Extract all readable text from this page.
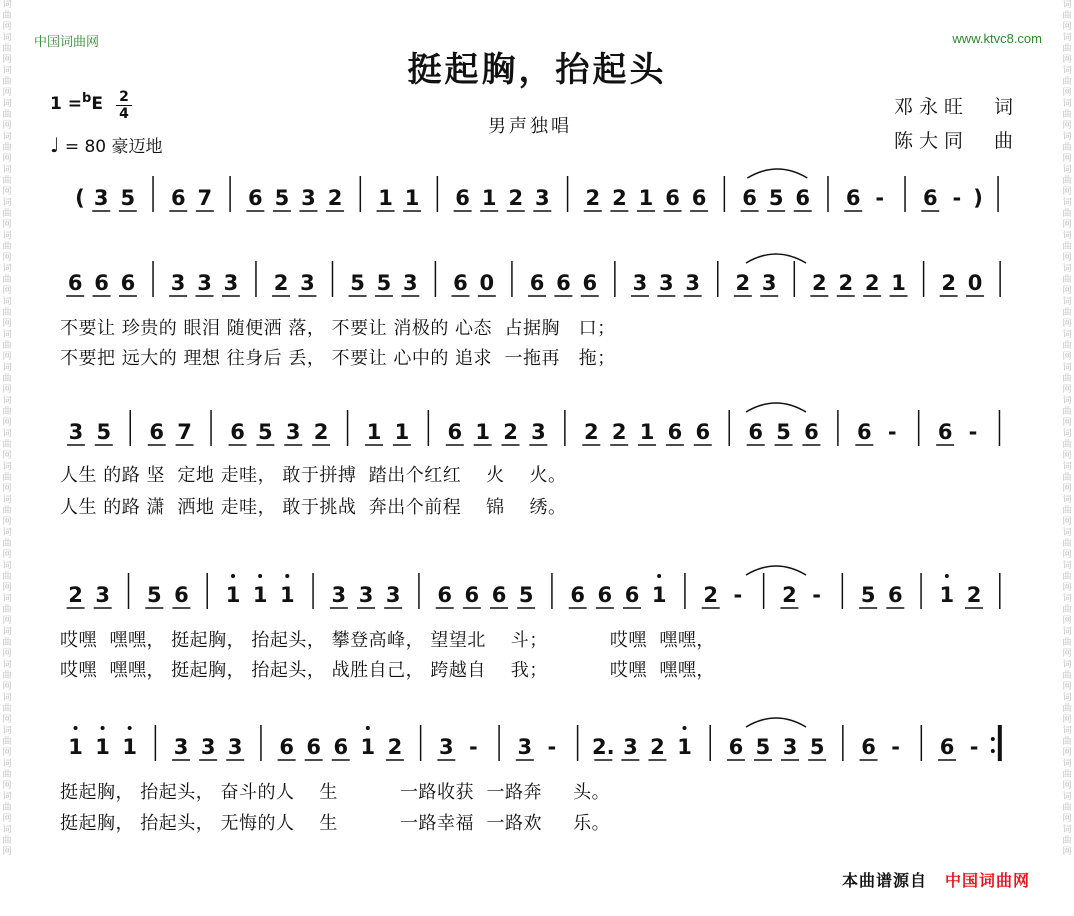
词曲网词曲网词曲网词曲网词曲网词曲网词曲网词曲网词曲网词曲网词曲网词曲网词曲网词曲网词曲网词曲网词曲网词曲网词曲网词曲网词曲网词曲网词曲网词曲网词曲网词曲网
词曲网词曲网词曲网词曲网词曲网词曲网词曲网词曲网词曲网词曲网词曲网词曲网词曲网词曲网词曲网词曲网词曲网词曲网词曲网词曲网词曲网词曲网词曲网词曲网词曲网词曲网
中国词曲网	www.ktvc8.com
挺起胸，抬起头
1 =$^b$E 2
4
♩ = 80 豪迈地
男声独唱
邓永旺　词
陈大同　曲
( 3 5 6 7 6 5 3 2 1 1 6 1 2 3 2 2 1 6 6 6 5 6 6 - 6 - )
6 6 6 3 3 3 2 3 5 5 3 6 0 6 6 6 3 3 3 2 3 2 2 2 1 2 0
3 5 6 7 6 5 3 2 1 1 6 1 2 3 2 2 1 6 6 6 5 6 6 - 6 -
2 3 5 6 1 1 1 3 3 3 6 6 6 5 6 6 6 1 2 - 2 - 5 6 1 2
1 1 1 3 3 3 6 6 6 1 2 3 - 3 - 2. 3 2 1 6 5 3 5 6 - 6 -
不要让 珍贵的 眼泪 随便洒 落， 不要让 消极的 心态  占据胸   口；
不要把 远大的 理想 往身后 丢， 不要让 心中的 追求  一拖再   拖；
人生 的路 坚  定地 走哇， 敢于拼搏  踏出个红红    火    火。
人生 的路 潇  洒地 走哇， 敢于挑战  奔出个前程    锦    绣。
哎嘿  嘿嘿， 挺起胸， 抬起头， 攀登高峰， 望望北    斗；          哎嘿  嘿嘿，
哎嘿  嘿嘿， 挺起胸， 抬起头， 战胜自己， 跨越自    我；          哎嘿  嘿嘿，
挺起胸， 抬起头， 奋斗的人    生          一路收获  一路奔     头。
挺起胸， 抬起头， 无悔的人    生          一路幸福  一路欢     乐。
本曲谱源自 中国词曲网
